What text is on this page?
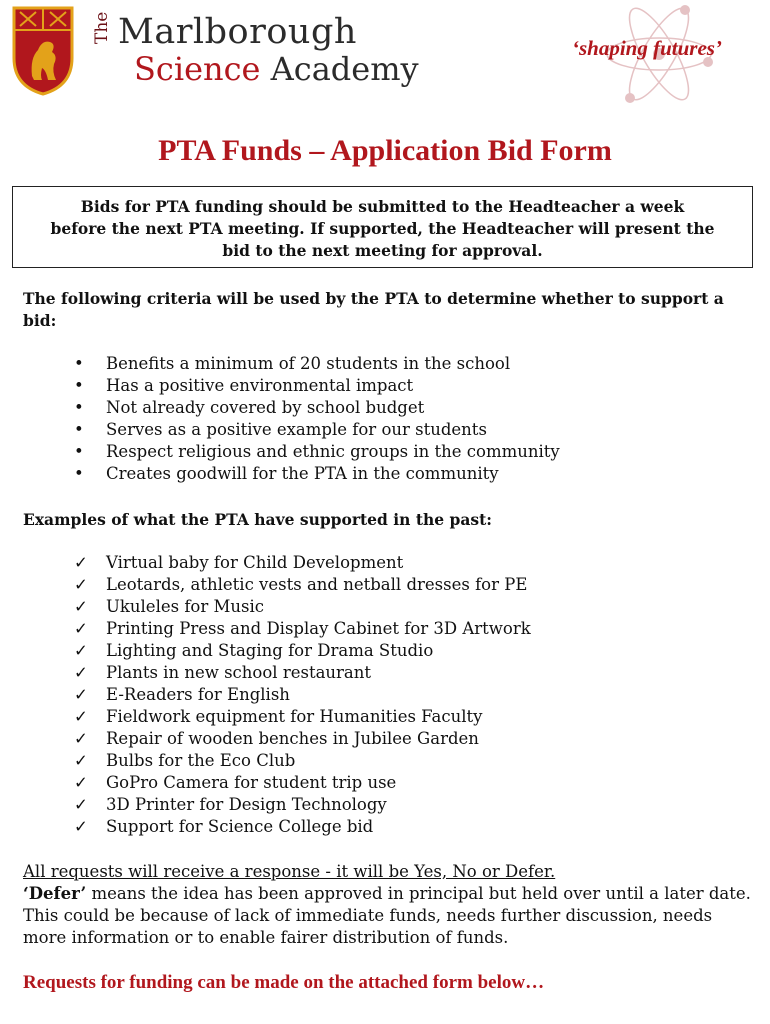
The Marlborough
Science Academy
‘shaping futures’
PTA Funds – Application Bid Form
Bids for PTA funding should be submitted to the Headteacher a week
before the next PTA meeting. If supported, the Headteacher will present the
bid to the next meeting for approval.
The following criteria will be used by the PTA to determine whether to support a bid:
• Benefits a minimum of 20 students in the school
• Has a positive environmental impact
• Not already covered by school budget
• Serves as a positive example for our students
• Respect religious and ethnic groups in the community
• Creates goodwill for the PTA in the community
Examples of what the PTA have supported in the past:
✓ Virtual baby for Child Development
✓ Leotards, athletic vests and netball dresses for PE
✓ Ukuleles for Music
✓ Printing Press and Display Cabinet for 3D Artwork
✓ Lighting and Staging for Drama Studio
✓ Plants in new school restaurant
✓ E-Readers for English
✓ Fieldwork equipment for Humanities Faculty
✓ Repair of wooden benches in Jubilee Garden
✓ Bulbs for the Eco Club
✓ GoPro Camera for student trip use
✓ 3D Printer for Design Technology
✓ Support for Science College bid
All requests will receive a response - it will be Yes, No or Defer.
‘Defer’ means the idea has been approved in principal but held over until a later date. This could be because of lack of immediate funds, needs further discussion, needs more information or to enable fairer distribution of funds.
Requests for funding can be made on the attached form below…
